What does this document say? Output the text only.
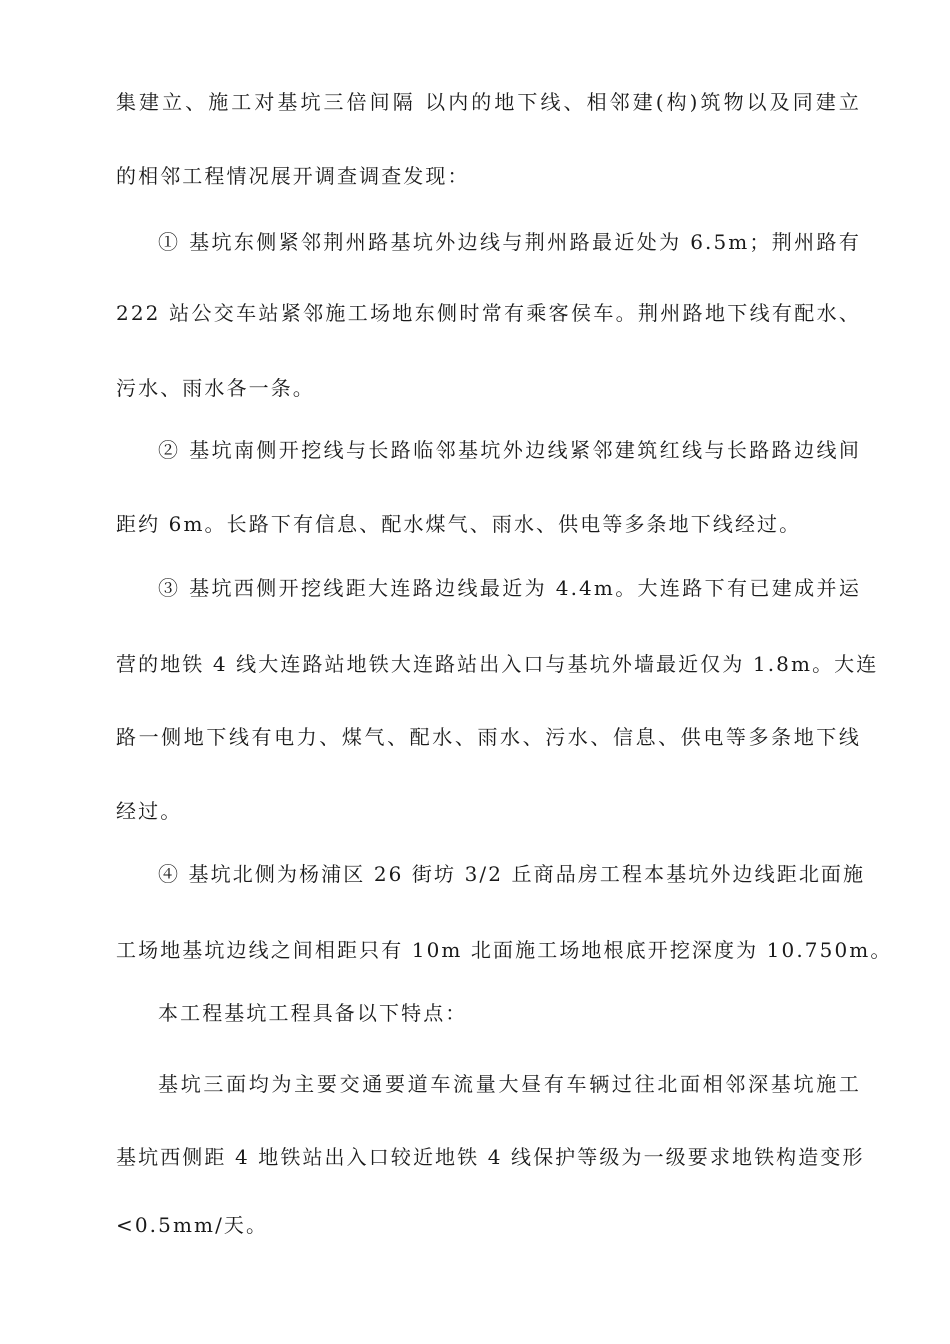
集建立、施工对基坑三倍间隔 以内的地下线、相邻建(构)筑物以及同建立
的相邻工程情况展开调查调查发现：
① 基坑东侧紧邻荆州路基坑外边线与荆州路最近处为 6.5m；荆州路有
222 站公交车站紧邻施工场地东侧时常有乘客侯车。荆州路地下线有配水、
污水、雨水各一条。
② 基坑南侧开挖线与长路临邻基坑外边线紧邻建筑红线与长路路边线间
距约 6m。长路下有信息、配水煤气、雨水、供电等多条地下线经过。
③ 基坑西侧开挖线距大连路边线最近为 4.4m。大连路下有已建成并运
营的地铁 4 线大连路站地铁大连路站出入口与基坑外墙最近仅为 1.8m。大连
路一侧地下线有电力、煤气、配水、雨水、污水、信息、供电等多条地下线
经过。
④ 基坑北侧为杨浦区 26 街坊 3/2 丘商品房工程本基坑外边线距北面施
工场地基坑边线之间相距只有 10m 北面施工场地根底开挖深度为 10.750m。
本工程基坑工程具备以下特点：
基坑三面均为主要交通要道车流量大昼有车辆过往北面相邻深基坑施工
基坑西侧距 4 地铁站出入口较近地铁 4 线保护等级为一级要求地铁构造变形
<0.5mm/天。
